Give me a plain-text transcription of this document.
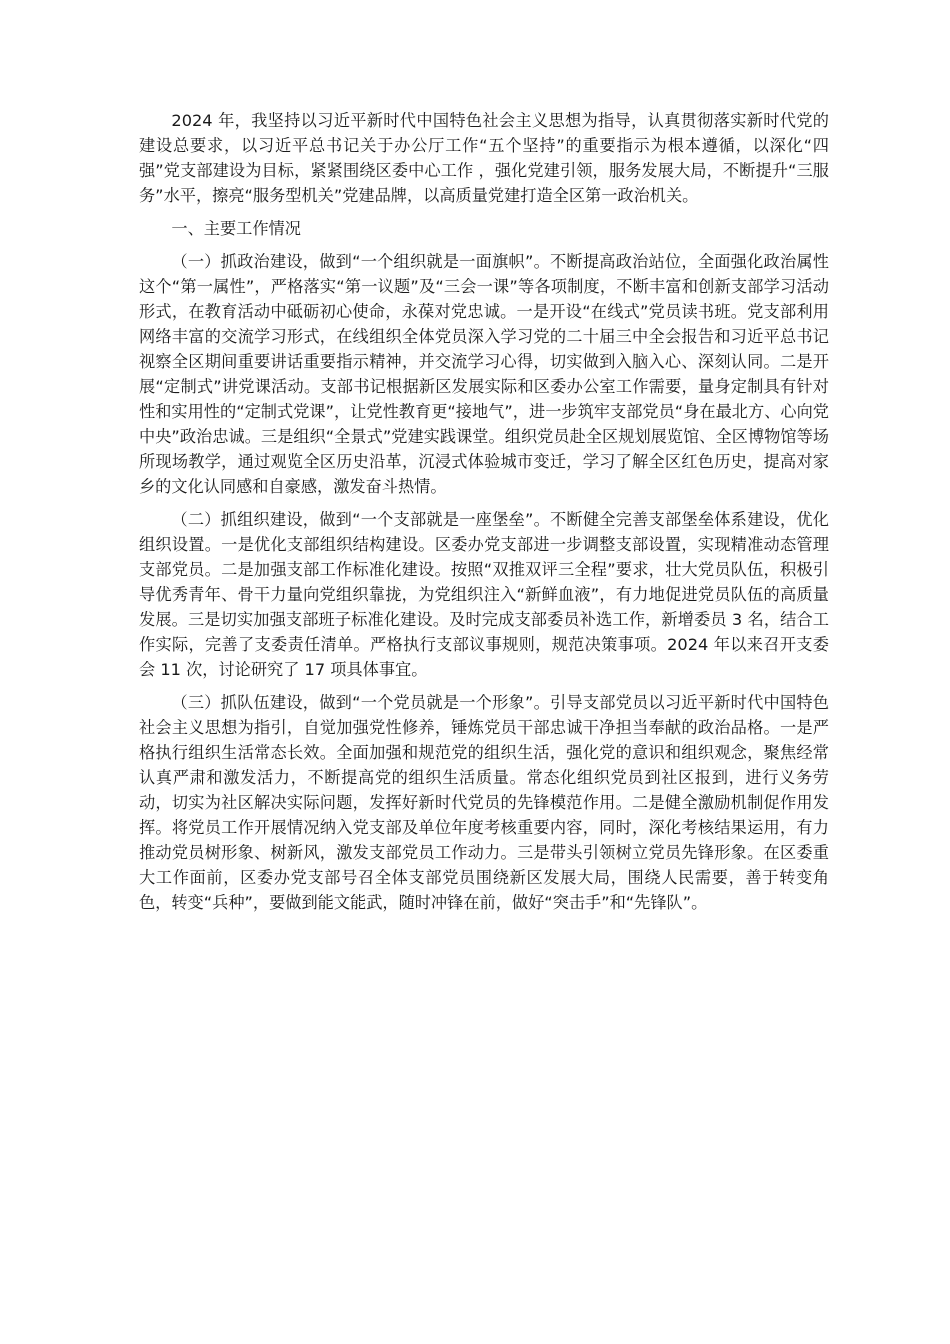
2024 年，我坚持以习近平新时代中国特色社会主义思想为指导，认真贯彻落实新时代党的建设总要求，以习近平总书记关于办公厅工作“五个坚持”的重要指示为根本遵循，以深化“四强”党支部建设为目标，紧紧围绕区委中心工作 ，强化党建引领，服务发展大局，不断提升“三服务”水平，擦亮“服务型机关”党建品牌，以高质量党建打造全区第一政治机关。

一、主要工作情况

（一）抓政治建设，做到“一个组织就是一面旗帜”。不断提高政治站位，全面强化政治属性这个“第一属性”，严格落实“第一议题”及“三会一课”等各项制度，不断丰富和创新支部学习活动形式，在教育活动中砥砺初心使命，永葆对党忠诚。一是开设“在线式”党员读书班。党支部利用网络丰富的交流学习形式，在线组织全体党员深入学习党的二十届三中全会报告和习近平总书记视察全区期间重要讲话重要指示精神，并交流学习心得，切实做到入脑入心、深刻认同。二是开展“定制式”讲党课活动。支部书记根据新区发展实际和区委办公室工作需要，量身定制具有针对性和实用性的“定制式党课”，让党性教育更“接地气”，进一步筑牢支部党员“身在最北方、心向党中央”政治忠诚。三是组织“全景式”党建实践课堂。组织党员赴全区规划展览馆、全区博物馆等场所现场教学，通过观览全区历史沿革，沉浸式体验城市变迁，学习了解全区红色历史，提高对家乡的文化认同感和自豪感，激发奋斗热情。

（二）抓组织建设，做到“一个支部就是一座堡垒”。不断健全完善支部堡垒体系建设，优化组织设置。一是优化支部组织结构建设。区委办党支部进一步调整支部设置，实现精准动态管理支部党员。二是加强支部工作标准化建设。按照“双推双评三全程”要求，壮大党员队伍，积极引导优秀青年、骨干力量向党组织靠拢，为党组织注入“新鲜血液”，有力地促进党员队伍的高质量发展。三是切实加强支部班子标准化建设。及时完成支部委员补选工作，新增委员 3 名，结合工作实际，完善了支委责任清单。严格执行支部议事规则，规范决策事项。2024 年以来召开支委会 11 次，讨论研究了 17 项具体事宜。

（三）抓队伍建设，做到“一个党员就是一个形象”。引导支部党员以习近平新时代中国特色社会主义思想为指引，自觉加强党性修养，锤炼党员干部忠诚干净担当奉献的政治品格。一是严格执行组织生活常态长效。全面加强和规范党的组织生活，强化党的意识和组织观念，聚焦经常认真严肃和激发活力，不断提高党的组织生活质量。常态化组织党员到社区报到，进行义务劳动，切实为社区解决实际问题，发挥好新时代党员的先锋模范作用。二是健全激励机制促作用发挥。将党员工作开展情况纳入党支部及单位年度考核重要内容，同时，深化考核结果运用，有力推动党员树形象、树新风，激发支部党员工作动力。三是带头引领树立党员先锋形象。在区委重大工作面前，区委办党支部号召全体支部党员围绕新区发展大局，围绕人民需要，善于转变角色，转变“兵种”，要做到能文能武，随时冲锋在前，做好“突击手”和“先锋队”。
